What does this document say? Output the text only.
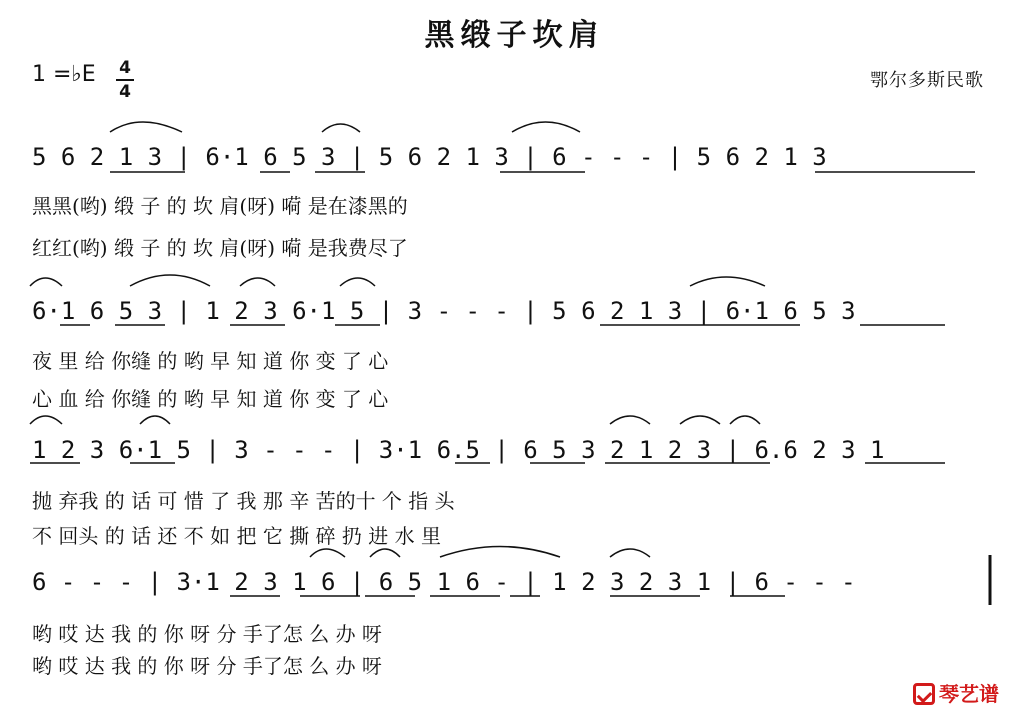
黑缎子坎肩
1 =♭E 4
4
鄂尔多斯民歌
5 6 2 1 3 | 6·1 6 5 3 | 5 6 2 1 3 | 6 - - - | 5 6 2 1 3
黑黑(哟) 缎 子 的 坎 肩(呀) 嗬 是在漆黑的
红红(哟) 缎 子 的 坎 肩(呀) 嗬 是我费尽了
6·1 6 5 3 | 1 2 3 6·1 5 | 3 - - - | 5 6 2 1 3 | 6·1 6 5 3
夜 里 给 你缝 的 哟 早 知 道 你 变 了 心
心 血 给 你缝 的 哟 早 知 道 你 变 了 心
1 2 3 6·1 5 | 3 - - - | 3·1 6.5 | 6 5 3 2 1 2 3 | 6.6 2 3 1
抛 弃我 的 话 可 惜 了 我 那 辛 苦的十 个 指 头
不 回头 的 话 还 不 如 把 它 撕 碎 扔 进 水 里
6 - - - | 3·1 2 3 1 6 | 6 5 1 6 - | 1 2 3 2 3 1 | 6 - - -
哟 哎 达 我 的 你 呀 分 手了怎 么 办 呀
哟 哎 达 我 的 你 呀 分 手了怎 么 办 呀
琴艺谱
